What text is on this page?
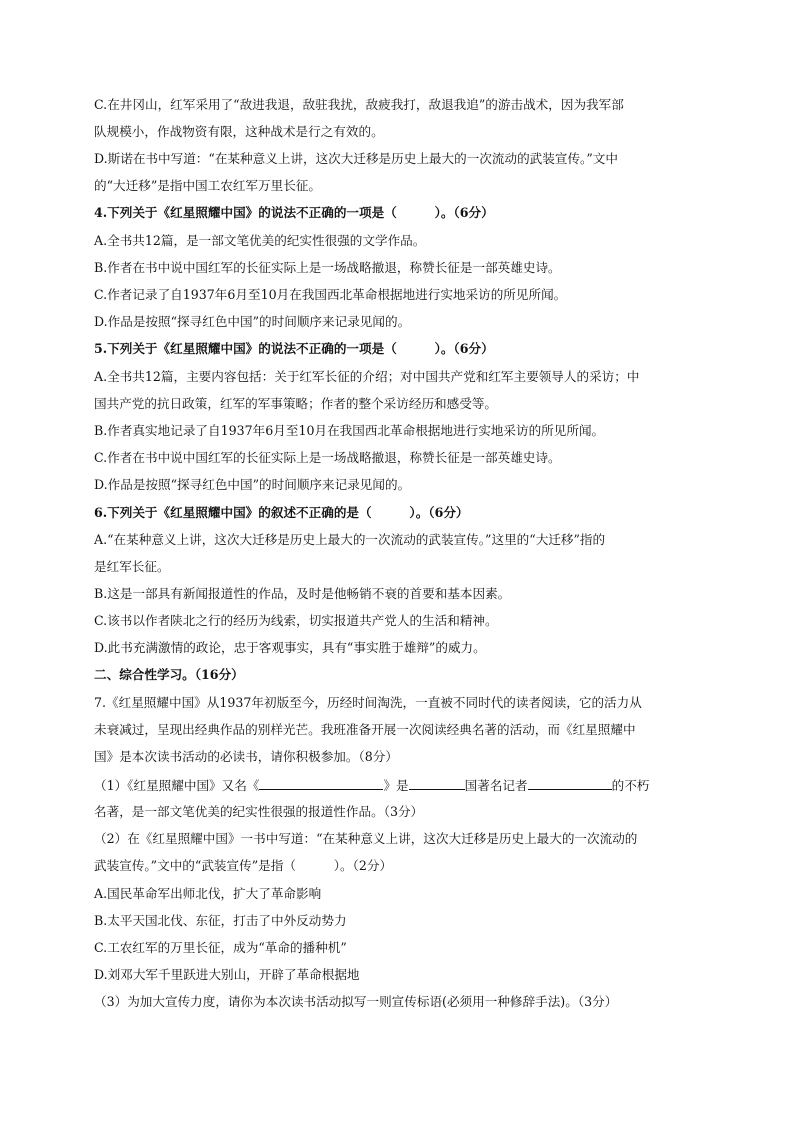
C.在井冈山，红军采用了“敌进我退，敌驻我扰，敌疲我打，敌退我追”的游击战术，因为我军部
队规模小，作战物资有限，这种战术是行之有效的。
D.斯诺在书中写道：“在某种意义上讲，这次大迁移是历史上最大的一次流动的武装宣传。”文中
的“大迁移”是指中国工农红军万里长征。
4.下列关于《红星照耀中国》的说法不正确的一项是（　　　）。（6分）
A.全书共12篇，是一部文笔优美的纪实性很强的文学作品。
B.作者在书中说中国红军的长征实际上是一场战略撤退，称赞长征是一部英雄史诗。
C.作者记录了自1937年6月至10月在我国西北革命根据地进行实地采访的所见所闻。
D.作品是按照“探寻红色中国”的时间顺序来记录见闻的。
5.下列关于《红星照耀中国》的说法不正确的一项是（　　　）。（6分）
A.全书共12篇，主要内容包括：关于红军长征的介绍；对中国共产党和红军主要领导人的采访；中
国共产党的抗日政策，红军的军事策略；作者的整个采访经历和感受等。
B.作者真实地记录了自1937年6月至10月在我国西北革命根据地进行实地采访的所见所闻。
C.作者在书中说中国红军的长征实际上是一场战略撤退，称赞长征是一部英雄史诗。
D.作品是按照“探寻红色中国”的时间顺序来记录见闻的。
6.下列关于《红星照耀中国》的叙述不正确的是（　　　）。（6分）
A.“在某种意义上讲，这次大迁移是历史上最大的一次流动的武装宣传。”这里的“大迁移”指的
是红军长征。
B.这是一部具有新闻报道性的作品，及时是他畅销不衰的首要和基本因素。
C.该书以作者陕北之行的经历为线索，切实报道共产党人的生活和精神。
D.此书充满激情的政论，忠于客观事实，具有“事实胜于雄辩”的威力。
二、综合性学习。（16分）
7.《红星照耀中国》从1937年初版至今，历经时间淘洗，一直被不同时代的读者阅读，它的活力从
未衰减过，呈现出经典作品的别样光芒。我班准备开展一次阅读经典名著的活动，而《红星照耀中
国》是本次读书活动的必读书，请你积极参加。（8分）
（1）《红星照耀中国》又名《	》是	国著名记者	的不朽
名著，是一部文笔优美的纪实性很强的报道性作品。（3分）
（2）在《红星照耀中国》一书中写道：“在某种意义上讲，这次大迁移是历史上最大的一次流动的
武装宣传。”文中的“武装宣传”是指（　　　）。（2分）
A.国民革命军出师北伐，扩大了革命影响
B.太平天国北伐、东征，打击了中外反动势力
C.工农红军的万里长征，成为“革命的播种机”
D.刘邓大军千里跃进大别山，开辟了革命根据地
（3）为加大宣传力度，请你为本次读书活动拟写一则宣传标语(必须用一种修辞手法)。（3分）
